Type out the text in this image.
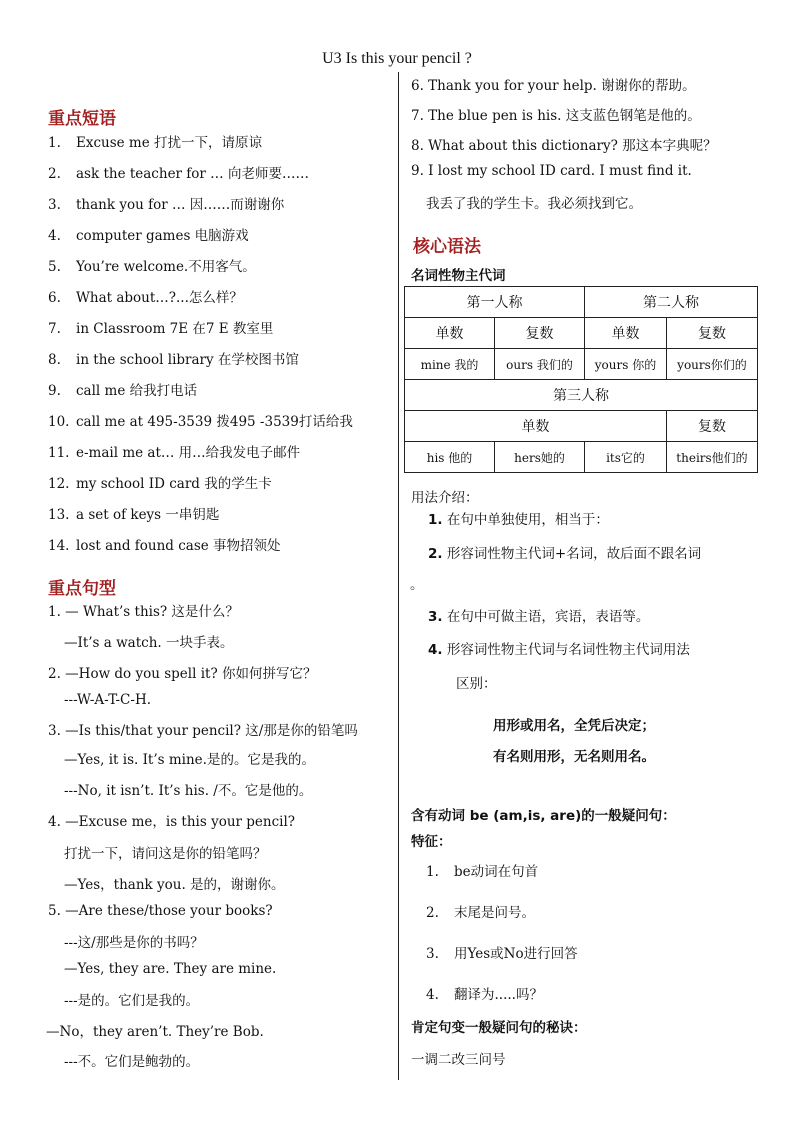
U3 Is this your pencil ?
重点短语
1. Excuse me 打扰一下，请原谅
2. ask the teacher for … 向老师要……
3. thank you for … 因……而谢谢你
4. computer games 电脑游戏
5. You’re welcome.不用客气。
6. What about…?...怎么样？
7. in Classroom 7E 在7 E 教室里
8. in the school library 在学校图书馆
9. call me 给我打电话
10. call me at 495-3539 拨495 -3539打话给我
11. e-mail me at… 用…给我发电子邮件
12. my school ID card 我的学生卡
13. a set of keys 一串钥匙
14. lost and found case 事物招领处
重点句型
1. — What’s this? 这是什么？
—It’s a watch. 一块手表。
2. —How do you spell it? 你如何拼写它？
---W-A-T-C-H.
3. —Is this/that your pencil? 这/那是你的铅笔吗
—Yes, it is. It’s mine.是的。它是我的。
---No, it isn’t. It’s his. /不。它是他的。
4. —Excuse me，is this your pencil?
打扰一下，请问这是你的铅笔吗？
—Yes，thank you. 是的，谢谢你。
5. —Are these/those your books?
---这/那些是你的书吗？
—Yes, they are. They are mine.
---是的。它们是我的。
—No，they aren’t. They’re Bob.
---不。它们是鲍勃的。
6. Thank you for your help. 谢谢你的帮助。
7. The blue pen is his. 这支蓝色钢笔是他的。
8. What about this dictionary? 那这本字典呢？
9. I lost my school ID card. I must find it.
我丢了我的学生卡。我必须找到它。
核心语法
名词性物主代词
第一人称		第二人称	
单数	复数	单数	复数
mine 我的	ours 我们的	yours 你的	yours你们的
第三人称			
单数			复数
his 他的	hers她的	its它的	theirs他们的
用法介绍：
1. 在句中单独使用，相当于：
2. 形容词性物主代词+名词，故后面不跟名词
。
3. 在句中可做主语，宾语，表语等。
4. 形容词性物主代词与名词性物主代词用法
区别：
用形或用名，全凭后决定；
有名则用形，无名则用名。
含有动词 be (am,is, are)的一般疑问句：
特征：
1. be动词在句首
2. 末尾是问号。
3. 用Yes或No进行回答
4. 翻译为.....吗？
肯定句变一般疑问句的秘诀：
一调二改三问号
